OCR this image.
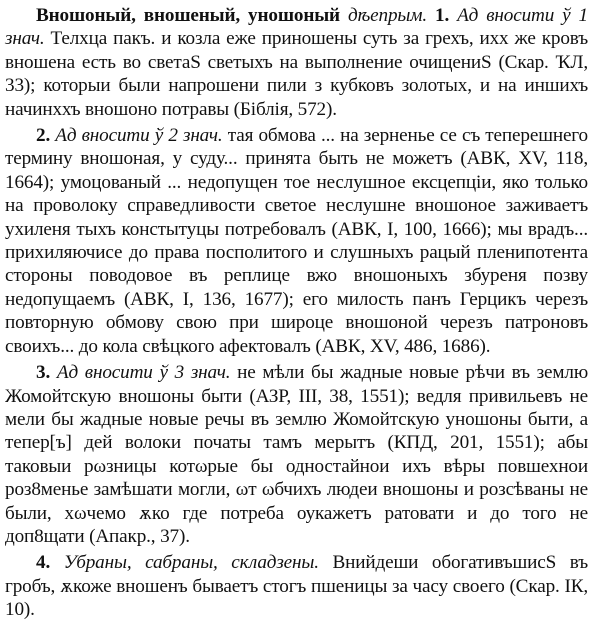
Вношоный, вношеный, уношоный дѣепрым. 1. Ад вносити ў 1 знач. Телхца пакъ. и козла еже приношены суть за грехъ, ихх же кровъ вношена есть во светаЅ светыхъ на выполнение очищениЅ (Скар. ҠЛ, 33); которыи были напрошени пили з кубковъ золотых, и на иншихъ начинххъ вношоно потравы (Біблія, 572).

2. Ад вносити ў 2 знач. тая обмова ... на зерненье се съ теперешнего термину вношоная, у суду... принята быть не можетъ (АВК, XV, 118, 1664); умоцованый ... недопущен тое неслушное ексцепціи, яко только на проволоку справедливости светое неслушне вношоное заживаетъ ухиленя тыхъ констытуцы потребовалъ (АВК, I, 100, 1666); мы врадъ... прихиляючисе до права посполитого и слушныхъ рацый пленипотента стороны поводовое въ реплице вжо вношоныхъ збуреня позву недопущаемъ (АВК, I, 136, 1677); его милость панъ Герцикъ черезъ повторную обмову свою при широце вношоной черезъ патроновъ своихъ... до кола свѣцкого афектовалъ (АВК, XV, 486, 1686).

3. Ад вносити ў 3 знач. не мѣли бы жадные новые рѣчи въ землю Жомойтскую вношоны быти (АЗР, III, 38, 1551); ведля привильевъ не мели бы жадные новые речы въ землю Жомойтскую уношоны быти, а тепер[ъ] дей волоки початы тамъ мерытъ (КПД, 201, 1551); абы таковыи рωзницы котωрые бы одностайнои ихъ вѣры повшехнои роз8менье замѣшати могли, ωт ωбчихъ людеи вношоны и розсѣваны не были, хωчемо ѫко где потреба оукажетъ ратовати и до того не доп8щати (Апакр., 37).

4. Убраны, сабраны, складзены. Внийдеши обогативъшисЅ въ гробъ, ѫкоже вношенъ бываетъ стогъ пшеницы за часу своего (Скар. ІК, 10).
